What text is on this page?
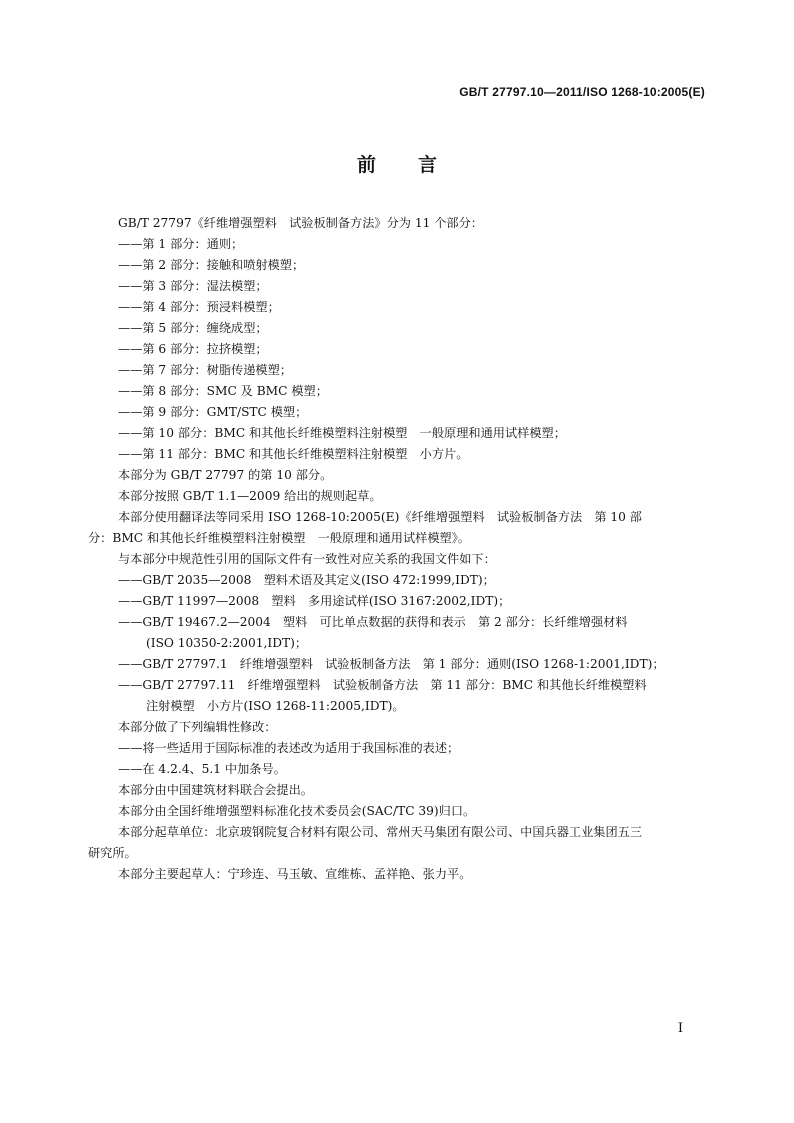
GB/T 27797.10—2011/ISO 1268-10:2005(E)
前 言
GB/T 27797《纤维增强塑料　试验板制备方法》分为 11 个部分：
——第 1 部分：通则；
——第 2 部分：接触和喷射模塑；
——第 3 部分：湿法模塑；
——第 4 部分：预浸料模塑；
——第 5 部分：缠绕成型；
——第 6 部分：拉挤模塑；
——第 7 部分：树脂传递模塑；
——第 8 部分：SMC 及 BMC 模塑；
——第 9 部分：GMT/STC 模塑；
——第 10 部分：BMC 和其他长纤维模塑料注射模塑　一般原理和通用试样模塑；
——第 11 部分：BMC 和其他长纤维模塑料注射模塑　小方片。
本部分为 GB/T 27797 的第 10 部分。
本部分按照 GB/T 1.1—2009 给出的规则起草。
本部分使用翻译法等同采用 ISO 1268-10:2005(E)《纤维增强塑料　试验板制备方法　第 10 部
分：BMC 和其他长纤维模塑料注射模塑　一般原理和通用试样模塑》。
与本部分中规范性引用的国际文件有一致性对应关系的我国文件如下：
——GB/T 2035—2008　塑料术语及其定义(ISO 472:1999,IDT)；
——GB/T 11997—2008　塑料　多用途试样(ISO 3167:2002,IDT)；
——GB/T 19467.2—2004　塑料　可比单点数据的获得和表示　第 2 部分：长纤维增强材料
(ISO 10350-2:2001,IDT)；
——GB/T 27797.1　纤维增强塑料　试验板制备方法　第 1 部分：通则(ISO 1268-1:2001,IDT)；
——GB/T 27797.11　纤维增强塑料　试验板制备方法　第 11 部分：BMC 和其他长纤维模塑料
注射模塑　小方片(ISO 1268-11:2005,IDT)。
本部分做了下列编辑性修改：
——将一些适用于国际标准的表述改为适用于我国标准的表述；
——在 4.2.4、5.1 中加条号。
本部分由中国建筑材料联合会提出。
本部分由全国纤维增强塑料标准化技术委员会(SAC/TC 39)归口。
本部分起草单位：北京玻钢院复合材料有限公司、常州天马集团有限公司、中国兵器工业集团五三
研究所。
本部分主要起草人：宁珍连、马玉敏、宣维栋、孟祥艳、张力平。
I
